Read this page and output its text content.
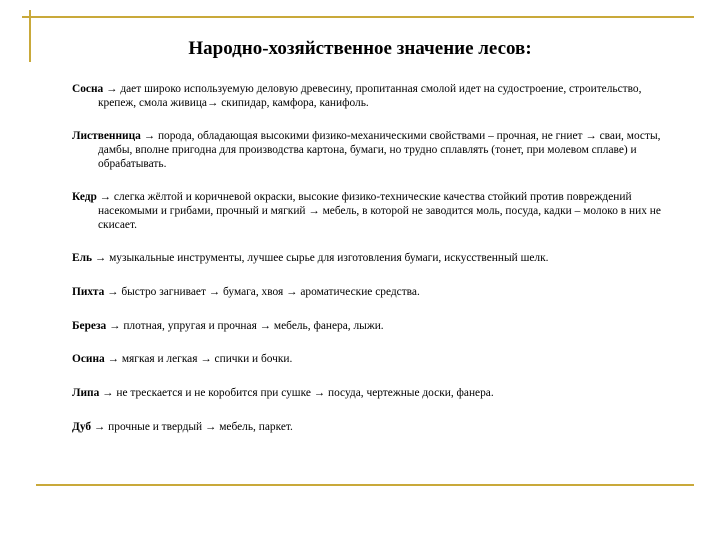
Народно-хозяйственное значение лесов:

Сосна → дает широко используемую деловую древесину, пропитанная смолой идет на судостроение, строительство, крепеж, смола живица→ скипидар, камфора, канифоль.

Лиственница → порода, обладающая высокими физико-механическими свойствами – прочная, не гниет → сваи, мосты, дамбы, вполне пригодна для производства картона, бумаги, но трудно сплавлять (тонет, при молевом сплаве) и обрабатывать.

Кедр → слегка жёлтой и коричневой окраски, высокие физико-технические качества стойкий против повреждений насекомыми и грибами, прочный и мягкий → мебель, в которой не заводится моль, посуда, кадки – молоко в них не скисает.

Ель → музыкальные инструменты, лучшее сырье для изготовления бумаги, искусственный шелк.

Пихта → быстро загнивает → бумага, хвоя → ароматические средства.

Береза → плотная, упругая и прочная → мебель, фанера, лыжи.

Осина → мягкая и легкая → спички и бочки.

Липа → не трескается и не коробится при сушке → посуда, чертежные доски, фанера.

Дуб → прочные и твердый → мебель, паркет.
